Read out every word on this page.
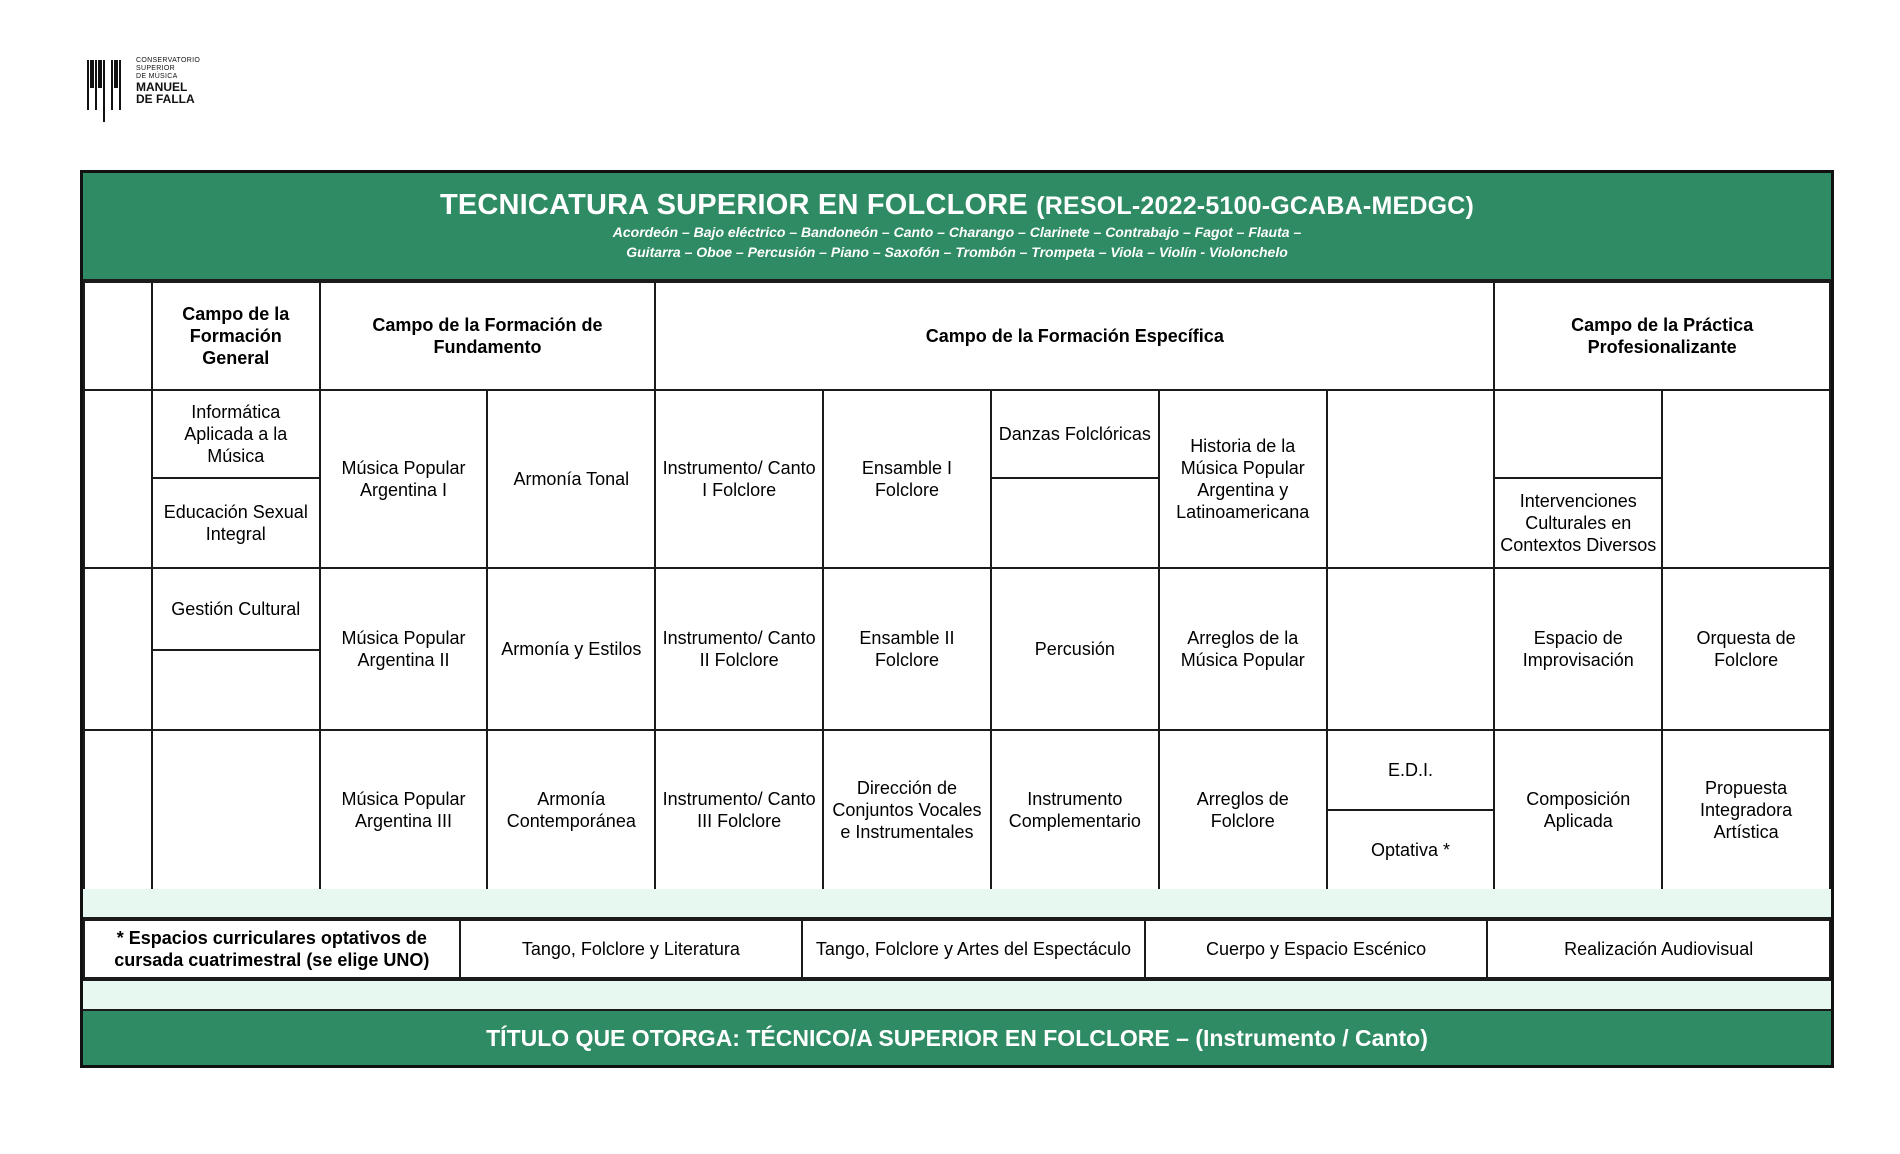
CONSERVATORIO
SUPERIOR
DE MÚSICA
MANUEL
DE FALLA
TECNICATURA SUPERIOR EN FOLCLORE (RESOL-2022-5100-GCABA-MEDGC)
Acordeón – Bajo eléctrico – Bandoneón – Canto – Charango – Clarinete – Contrabajo – Fagot – Flauta –
Guitarra – Oboe – Percusión – Piano – Saxofón – Trombón – Trompeta – Viola – Violín - Violonchelo
Año	Campo de la Formación General	Campo de la Formación de Fundamento		Campo de la Formación Específica					Campo de la Práctica Profesionalizante	
1°	Informática Aplicada a la Música	Música Popular Argentina I	Armonía Tonal	Instrumento/ Canto I Folclore	Ensamble I Folclore	Danzas Folclóricas	Historia de la Música Popular Argentina y Latinoamericana			
	Educación Sexual Integral								Intervenciones Culturales en Contextos Diversos	
2°	Gestión Cultural	Música Popular Argentina II	Armonía y Estilos	Instrumento/ Canto II Folclore	Ensamble II Folclore	Percusión	Arreglos de la Música Popular		Espacio de Improvisación	Orquesta de Folclore

3°		Música Popular Argentina III	Armonía Contemporánea	Instrumento/ Canto III Folclore	Dirección de Conjuntos Vocales e Instrumentales	Instrumento Complementario	Arreglos de Folclore	E.D.I.	Composición Aplicada	Propuesta Integradora Artística
								Optativa *		
* Espacios curriculares optativos de cursada cuatrimestral (se elige UNO)	Tango, Folclore y Literatura	Tango, Folclore y Artes del Espectáculo	Cuerpo y Espacio Escénico	Realización Audiovisual
TÍTULO QUE OTORGA: TÉCNICO/A SUPERIOR EN FOLCLORE – (Instrumento / Canto)
